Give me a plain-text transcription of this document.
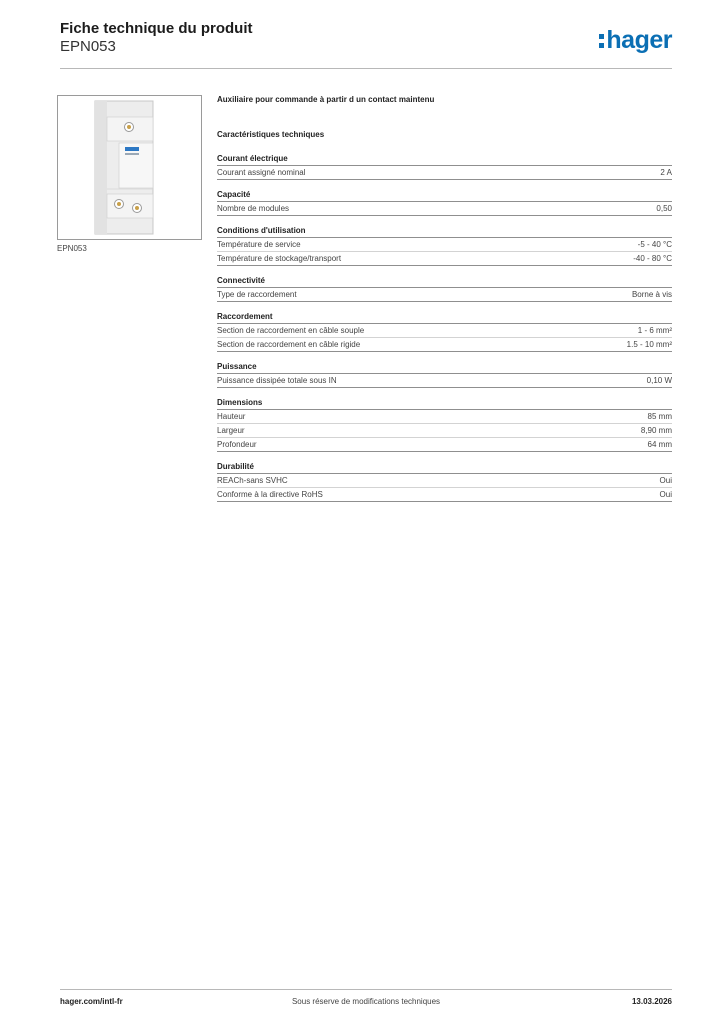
Fiche technique du produit

EPN053	hager
EPN053

Auxiliaire pour commande à partir d un contact maintenu

Caractéristiques techniques

Courant électrique
Courant assigné nominal	2 A
Capacité
Nombre de modules	0,50
Conditions d'utilisation
Température de service	-5 - 40 °C
Température de stockage/transport	-40 - 80 °C
Connectivité
Type de raccordement	Borne à vis
Raccordement
Section de raccordement en câble souple	1 - 6 mm²
Section de raccordement en câble rigide	1.5 - 10 mm²
Puissance
Puissance dissipée totale sous IN	0,10 W
Dimensions
Hauteur	85 mm
Largeur	8,90 mm
Profondeur	64 mm
Durabilité
REACh-sans SVHC	Oui
Conforme à la directive RoHS	Oui
Sous réserve de modifications techniques
hager.com/intl-fr	13.03.2026
